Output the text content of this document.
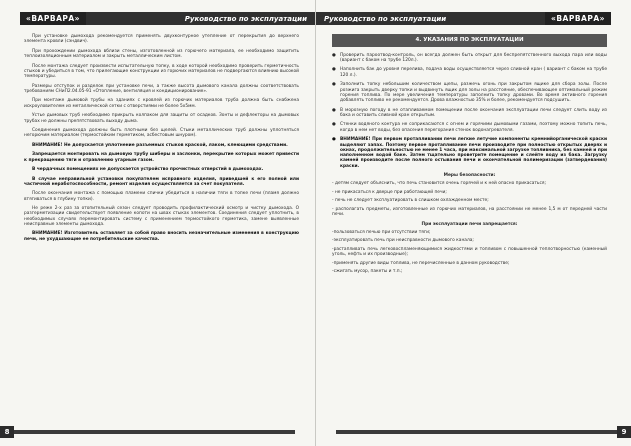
«ВАРВАРА»	Руководство по эксплуатации

При установке дымохода рекомендуется применять двухконтурное утепление от перекрытия до верхнего элемента кровли (сэндвич).

При прохождении дымохода вблизи стены, изготовленной из горючего материала, ее необходимо защитить теплоизоляционным материалом и закрыть металлическим листом.

После монтажа следует произвести испытательную топку, в ходе которой необходимо проверить герметичность стыков и убедиться в том, что прилегающие конструкции из горючих материалов не подвергаются влиянию высокой температуры.

Размеры отступок и разделок при установке печи, а также высота дымового канала должны соответствовать требованиям СНиП2.04.05-91 «Отопление, вентиляция и кондиционирование».

При монтаже дымовой трубы на зданиях с кровлей из горючих материалов труба должна быть снабжена искроуловителем из металлической сетки с отверстиями не более 5х5мм.

Устье дымовых труб необходимо прикрыть колпаком для защиты от осадков. Зонты и дефлекторы на дымовых трубах не должны препятствовать выходу дыма.

Соединения дымохода должны быть плотными без щелей. Стыки металлических труб должны уплотняться негорючим материалом (термостойким герметиком, асбестовым шнуром).

ВНИМАНИЕ! Не допускается уплотнение разъемных стыков краской, лаком, клеющими средствами.

Запрещается монтировать на дымовую трубу шиберы и заслонки, перекрытие которых может привести к прекращению тяги и отравлению угарным газом.

В чердачных помещениях не допускается устройство прочистных отверстий в дымоходах.

В случае неправильной установки покупателем исправного изделия, приведшей к его полной или частичной неработоспособности, ремонт изделия осуществляется за счет покупателя.

После окончания монтажа с помощью пламени спички убедиться в наличии тяги в топке печи (пламя должно втягиваться в глубину топки).

Не реже 2-х раз за отопительный сезон следует проводить профилактический осмотр и чистку дымохода. О разгерметизации свидетельствует появление копоти на швах стыках элементов. Соединения следует уплотнить, в необходимых случаях перемонтировать систему с применением термостойкого герметика, замене выявленные неисправные элементы дымохода.

ВНИМАНИЕ! Изготовитель оставляет за собой право вносить незначительные изменения в конструкцию печи, не ухудшающие ее потребительские качества.

8
Руководство по эксплуатации	«ВАРВАРА»
4. УКАЗАНИЯ ПО ЭКСПЛУАТАЦИИ

● Проверить пароотвод-контроль, он всегда должен быть открыт для беспрепятственного выхода пара или воды (вариант с баком на трубе 120л.).

● Наполнить бак до уровня перелива, подача воды осуществляется через сливной кран ( вариант с баком на трубе 120 л.).

● Заполнить топку небольшим количеством щепы, разжечь огонь при закрытом ящике для сбора золы. После розжига закрыть дверку топки и выдвинуть ящик для золы на расстояние, обеспечивающее оптимальный режим горения топлива. По мере увеличения температуры заполнить топку дровами. Во время активного горения добавлять топливо не рекомендуется. Дрова влажностью 35% и более, рекомендуется подсушить.

● В морозную погоду в не отапливаемом помещении после окончания эксплуатации печи следует слить воду из бака и оставить сливной кран открытым.

● Стенки водяного контура не соприкасаются с огнем и горячими дымовыми газами, поэтому можно топить печь, когда в нем нет воды, без опасения перегорания стенок водонагревателя.

● ВНИМАНИЕ! При первом протапливании печи легкие летучие компоненты кремнийорганической краски выделяют запах. Поэтому первое протапливание печи производите при полностью открытых дверях и окнах, продолжительностью не менее 1 часа, при максимальной загрузке топливника, без камней и при наполненном водой баке. Затем тщательно проветрите помещение и слейте воду из бака. Загрузку камней производите после полного остывания печи и окончательной полимеризации (затвердевания) краски.

Меры безопасности:

- детям следует объяснить, что печь становится очень горячей и к ней опасно прикасаться;

- не прикасаться к дверце при работающей печи;

- печь не следует эксплуатировать в слишком охлажденном месте;

- располагать предметы, изготовленные из горючих материалов, на расстоянии не менее 1,5 м от передней части печи.

При эксплуатации печи запрещается:

-пользоваться печью при отсутствии тяги;

-эксплуатировать печь при неисправности дымового канала;

-растапливать печь легковоспламеняющимися жидкостями и топливом с повышенной теплотворностью (каменный уголь, нефть и их производные);

-применять другие виды топлива, не перечисленные в данном руководстве;

-сжигать мусор, пакеты и т.п.;

9
